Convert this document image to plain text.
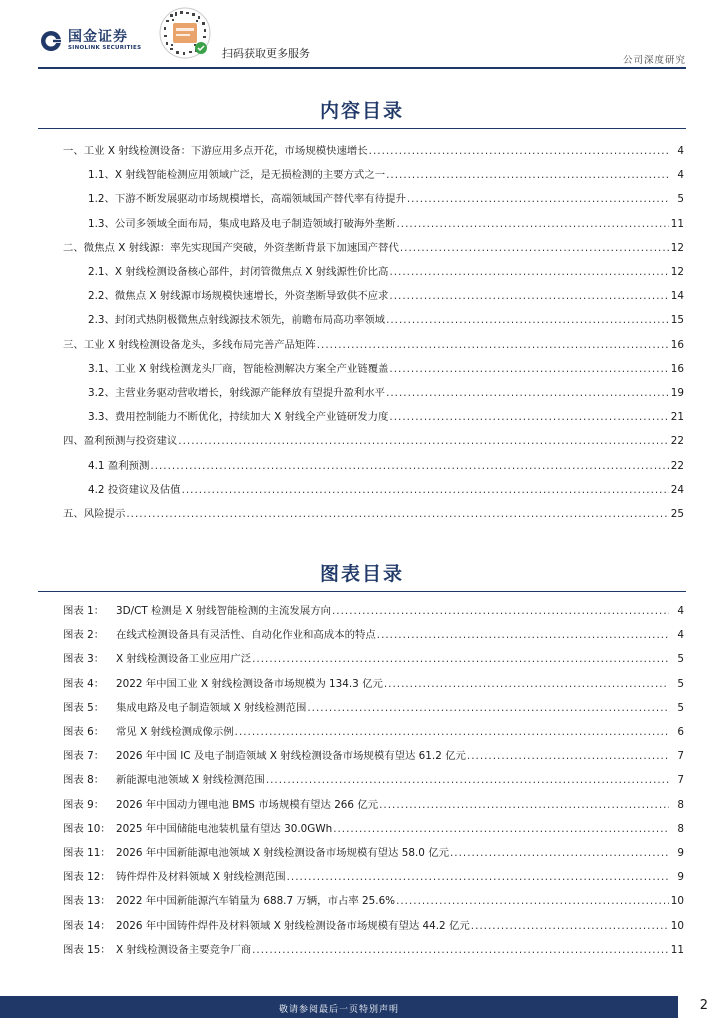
国金证券
SINOLINK SECURITIES	扫码获取更多服务
公司深度研究
内容目录
一、工业 X 射线检测设备：下游应用多点开花，市场规模快速增长 .....	4
1.1、X 射线智能检测应用领域广泛，是无损检测的主要方式之一 .....	4
1.2、下游不断发展驱动市场规模增长，高端领域国产替代率有待提升 .....	5
1.3、公司多领域全面布局，集成电路及电子制造领域打破海外垄断 .....	11
二、微焦点 X 射线源：率先实现国产突破，外资垄断背景下加速国产替代 .....	12
2.1、X 射线检测设备核心部件，封闭管微焦点 X 射线源性价比高 .....	12
2.2、微焦点 X 射线源市场规模快速增长，外资垄断导致供不应求 .....	14
2.3、封闭式热阴极微焦点射线源技术领先，前瞻布局高功率领域 .....	15
三、工业 X 射线检测设备龙头，多线布局完善产品矩阵 .....	16
3.1、工业 X 射线检测龙头厂商，智能检测解决方案全产业链覆盖 .....	16
3.2、主营业务驱动营收增长，射线源产能释放有望提升盈利水平 .....	19
3.3、费用控制能力不断优化，持续加大 X 射线全产业链研发力度 .....	21
四、盈利预测与投资建议 .....	22
4.1 盈利预测 .....	22
4.2 投资建议及估值 .....	24
五、风险提示 .....	25
图表目录
图表 1：	3D/CT 检测是 X 射线智能检测的主流发展方向 .....	4
图表 2：	在线式检测设备具有灵活性、自动化作业和高成本的特点 .....	4
图表 3：	X 射线检测设备工业应用广泛 .....	5
图表 4：	2022 年中国工业 X 射线检测设备市场规模为 134.3 亿元 .....	5
图表 5：	集成电路及电子制造领域 X 射线检测范围 .....	5
图表 6：	常见 X 射线检测成像示例 .....	6
图表 7：	2026 年中国 IC 及电子制造领域 X 射线检测设备市场规模有望达 61.2 亿元 .....	7
图表 8：	新能源电池领域 X 射线检测范围 .....	7
图表 9：	2026 年中国动力锂电池 BMS 市场规模有望达 266 亿元 .....	8
图表 10： 2025 年中国储能电池装机量有望达 30.0GWh .....	8
图表 11： 2026 年中国新能源电池领域 X 射线检测设备市场规模有望达 58.0 亿元 .....	9
图表 12： 铸件焊件及材料领域 X 射线检测范围 .....	9
图表 13： 2022 年中国新能源汽车销量为 688.7 万辆，市占率 25.6% .....	10
图表 14： 2026 年中国铸件焊件及材料领域 X 射线检测设备市场规模有望达 44.2 亿元 .....	10
图表 15： X 射线检测设备主要竞争厂商 .....	11
敬请参阅最后一页特别声明	2
